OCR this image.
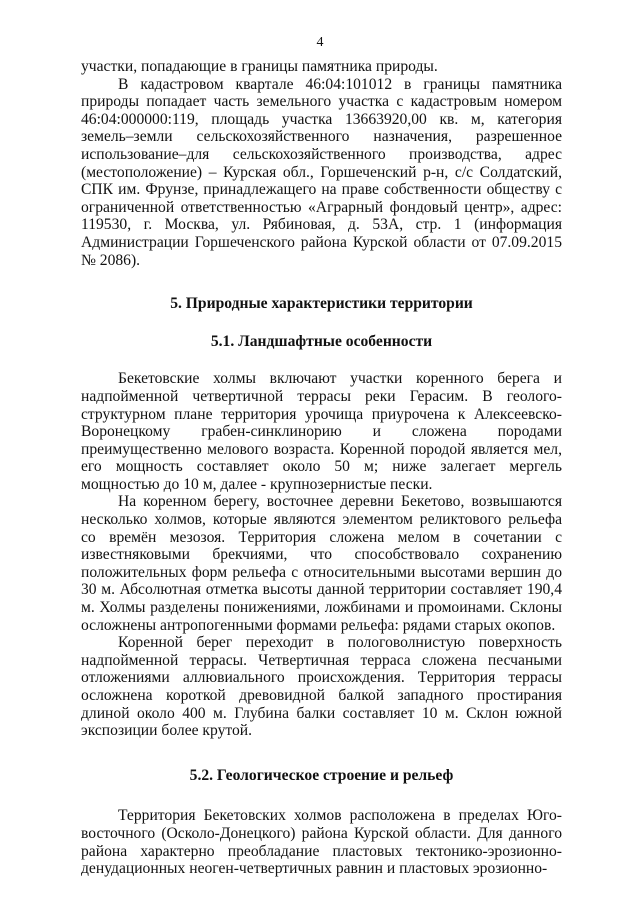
4

участки, попадающие в границы памятника природы.

В кадастровом квартале 46:04:101012 в границы памятника природы попадает часть земельного участка с кадастровым номером 46:04:000000:119, площадь участка 13663920,00 кв. м, категория земель–земли сельскохозяйственного назначения, разрешенное использование–для сельскохозяйственного производства, адрес (местоположение) – Курская обл., Горшеченский р-н, с/с Солдатский, СПК им. Фрунзе, принадлежащего на праве собственности обществу с ограниченной ответственностью «Аграрный фондовый центр», адрес: 119530, г. Москва, ул. Рябиновая, д. 53А, стр. 1 (информация Администрации Горшеченского района Курской области от 07.09.2015 № 2086).

5. Природные характеристики территории

5.1. Ландшафтные особенности

Бекетовские холмы включают участки коренного берега и надпойменной четвертичной террасы реки Герасим. В геолого-структурном плане территория урочища приурочена к Алексеевско-Воронецкому грабен-синклинорию и сложена породами преимущественно мелового возраста. Коренной породой является мел, его мощность составляет около 50 м; ниже залегает мергель мощностью до 10 м, далее - крупнозернистые пески.

На коренном берегу, восточнее деревни Бекетово, возвышаются несколько холмов, которые являются элементом реликтового рельефа со времён мезозоя. Территория сложена мелом в сочетании с известняковыми брекчиями, что способствовало сохранению положительных форм рельефа с относительными высотами вершин до 30 м. Абсолютная отметка высоты данной территории составляет 190,4 м. Холмы разделены понижениями, ложбинами и промоинами. Склоны осложнены антропогенными формами рельефа: рядами старых окопов.

Коренной берег переходит в пологоволнистую поверхность надпойменной террасы. Четвертичная терраса сложена песчаными отложениями аллювиального происхождения. Территория террасы осложнена короткой древовидной балкой западного простирания длиной около 400 м. Глубина балки составляет 10 м. Склон южной экспозиции более крутой.

5.2. Геологическое строение и рельеф

Территория Бекетовских холмов расположена в пределах Юго-восточного (Осколо-Донецкого) района Курской области. Для данного района характерно преобладание пластовых тектонико-эрозионно-денудационных неоген-четвертичных равнин и пластовых эрозионно-
